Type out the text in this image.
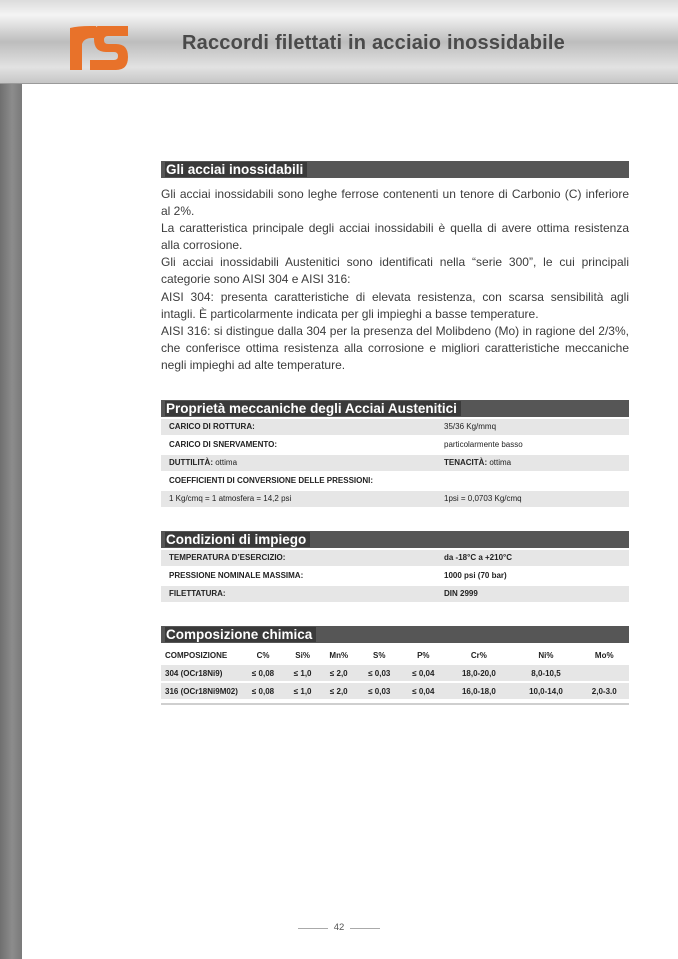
Raccordi filettati in acciaio inossidabile
Gli acciai inossidabili

Gli acciai inossidabili sono leghe ferrose contenenti un tenore di Carbonio (C) inferiore al 2%.

La caratteristica principale degli acciai inossidabili è quella di avere ottima resistenza alla corrosione.

Gli acciai inossidabili Austenitici sono identificati nella “serie 300”, le cui principali categorie sono AISI 304 e AISI 316:

AISI 304: presenta caratteristiche di elevata resistenza, con scarsa sensibilità agli intagli. È particolarmente indicata per gli impieghi a basse temperature.

AISI 316: si distingue dalla 304 per la presenza del Molibdeno (Mo) in ragione del 2/3%, che conferisce ottima resistenza alla corrosione e migliori caratteristiche meccaniche negli impieghi ad alte temperature.

Proprietà meccaniche degli Acciai Austenitici
CARICO DI ROTTURA:	35/36 Kg/mmq
CARICO DI SNERVAMENTO:	particolarmente basso
DUTTILITÀ: ottima	TENACITÀ: ottima
COEFFICIENTI DI CONVERSIONE DELLE PRESSIONI:
1 Kg/cmq = 1 atmosfera = 14,2 psi	1psi = 0,0703 Kg/cmq
Condizioni di impiego
TEMPERATURA D’ESERCIZIO:	da -18°C a +210°C
PRESSIONE NOMINALE MASSIMA:	1000 psi (70 bar)
FILETTATURA:	DIN 2999
Composizione chimica
COMPOSIZIONE	C%	Si%	Mn%	S%	P%	Cr%	Ni%	Mo%
304 (OCr18Ni9)	≤ 0,08	≤ 1,0	≤ 2,0	≤ 0,03	≤ 0,04	18,0-20,0	8,0-10,5	
316 (OCr18Ni9M02)	≤ 0,08	≤ 1,0	≤ 2,0	≤ 0,03	≤ 0,04	16,0-18,0	10,0-14,0	2,0-3.0
42
